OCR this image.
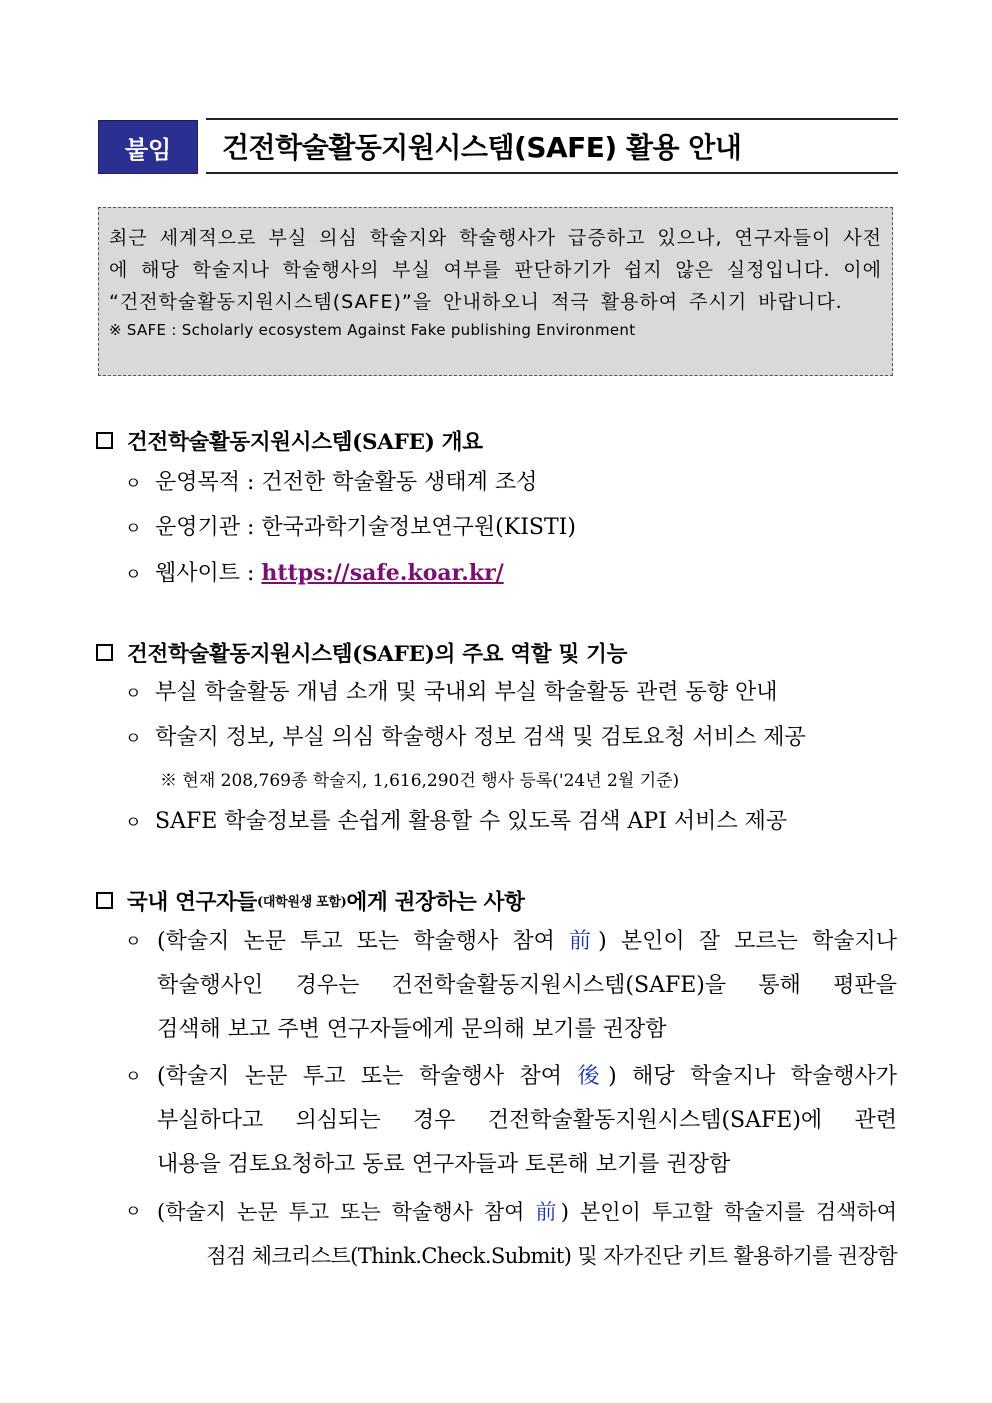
붙임	건전학술활동지원시스템(SAFE) 활용 안내
최근 세계적으로 부실 의심 학술지와 학술행사가 급증하고 있으나, 연구자들이 사전에 해당 학술지나 학술행사의 부실 여부를 판단하기가 쉽지 않은 실정입니다. 이에 “건전학술활동지원시스템(SAFE)”을 안내하오니 적극 활용하여 주시기 바랍니다.
※ SAFE : Scholarly ecosystem Against Fake publishing Environment
건전학술활동지원시스템(SAFE) 개요
ㅇ 운영목적 : 건전한 학술활동 생태계 조성
ㅇ 운영기관 : 한국과학기술정보연구원(KISTI)
ㅇ 웹사이트 : https://safe.koar.kr/
건전학술활동지원시스템(SAFE)의 주요 역할 및 기능
ㅇ 부실 학술활동 개념 소개 및 국내외 부실 학술활동 관련 동향 안내
ㅇ 학술지 정보, 부실 의심 학술행사 정보 검색 및 검토요청 서비스 제공
※ 현재 208,769종 학술지, 1,616,290건 행사 등록('24년 2월 기준)
ㅇ SAFE 학술정보를 손쉽게 활용할 수 있도록 검색 API 서비스 제공
국내 연구자들 (대학원생 포함) 에게 권장하는 사항
ㅇ (학술지 논문 투고 또는 학술행사 참여 前) 본인이 잘 모르는 학술지나
학술행사인 경우는 건전학술활동지원시스템(SAFE)을 통해 평판을
검색해 보고 주변 연구자들에게 문의해 보기를 권장함
ㅇ (학술지 논문 투고 또는 학술행사 참여 後) 해당 학술지나 학술행사가
부실하다고 의심되는 경우 건전학술활동지원시스템(SAFE)에 관련
내용을 검토요청하고 동료 연구자들과 토론해 보기를 권장함
ㅇ (학술지 논문 투고 또는 학술행사 참여 前) 본인이 투고할 학술지를 검색하여
점검 체크리스트(Think.Check.Submit) 및 자가진단 키트 활용하기를 권장함
